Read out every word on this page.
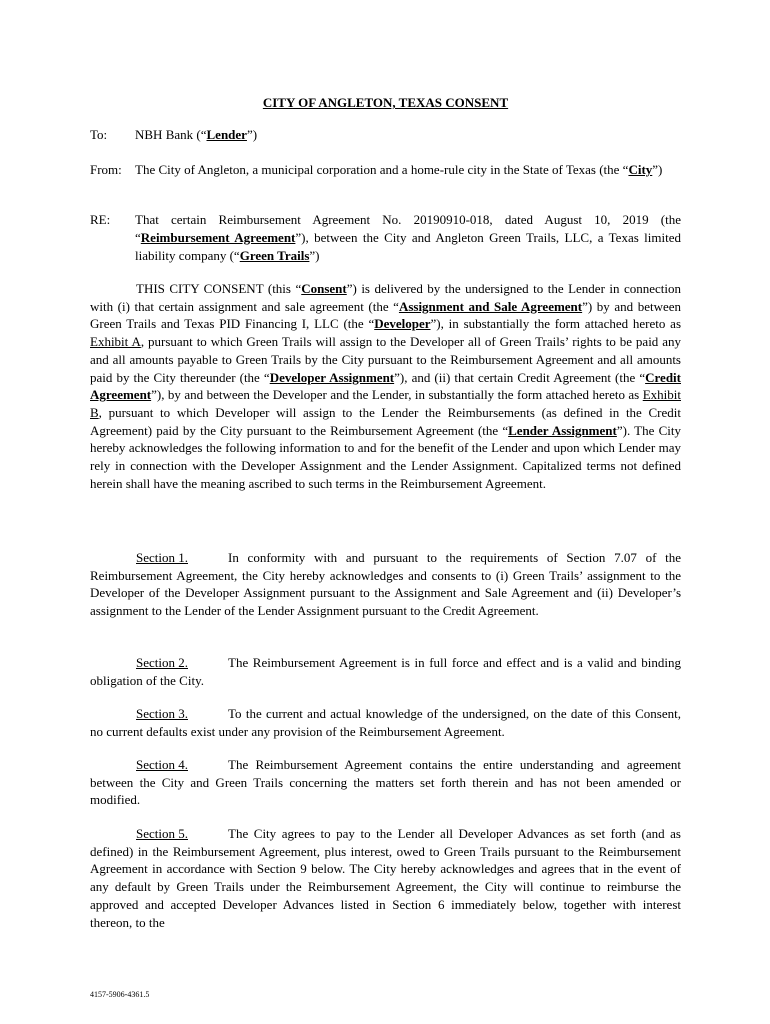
CITY OF ANGLETON, TEXAS CONSENT
To: NBH Bank (“Lender”)
From: The City of Angleton, a municipal corporation and a home-rule city in the State of Texas (the “City”)
RE: That certain Reimbursement Agreement No. 20190910-018, dated August 10, 2019 (the “Reimbursement Agreement”), between the City and Angleton Green Trails, LLC, a Texas limited liability company (“Green Trails”)
THIS CITY CONSENT (this “Consent”) is delivered by the undersigned to the Lender in connection with (i) that certain assignment and sale agreement (the “Assignment and Sale Agreement”) by and between Green Trails and Texas PID Financing I, LLC (the “Developer”), in substantially the form attached hereto as Exhibit A, pursuant to which Green Trails will assign to the Developer all of Green Trails’ rights to be paid any and all amounts payable to Green Trails by the City pursuant to the Reimbursement Agreement and all amounts paid by the City thereunder (the “Developer Assignment”), and (ii) that certain Credit Agreement (the “Credit Agreement”), by and between the Developer and the Lender, in substantially the form attached hereto as Exhibit B, pursuant to which Developer will assign to the Lender the Reimbursements (as defined in the Credit Agreement) paid by the City pursuant to the Reimbursement Agreement (the “Lender Assignment”). The City hereby acknowledges the following information to and for the benefit of the Lender and upon which Lender may rely in connection with the Developer Assignment and the Lender Assignment. Capitalized terms not defined herein shall have the meaning ascribed to such terms in the Reimbursement Agreement.
Section 1.	In conformity with and pursuant to the requirements of Section 7.07 of the Reimbursement Agreement, the City hereby acknowledges and consents to (i) Green Trails’ assignment to the Developer of the Developer Assignment pursuant to the Assignment and Sale Agreement and (ii) Developer’s assignment to the Lender of the Lender Assignment pursuant to the Credit Agreement.
Section 2.	The Reimbursement Agreement is in full force and effect and is a valid and binding obligation of the City.
Section 3.	To the current and actual knowledge of the undersigned, on the date of this Consent, no current defaults exist under any provision of the Reimbursement Agreement.
Section 4.	The Reimbursement Agreement contains the entire understanding and agreement between the City and Green Trails concerning the matters set forth therein and has not been amended or modified.
Section 5.	The City agrees to pay to the Lender all Developer Advances as set forth (and as defined) in the Reimbursement Agreement, plus interest, owed to Green Trails pursuant to the Reimbursement Agreement in accordance with Section 9 below. The City hereby acknowledges and agrees that in the event of any default by Green Trails under the Reimbursement Agreement, the City will continue to reimburse the approved and accepted Developer Advances listed in Section 6 immediately below, together with interest thereon, to the
4157-5906-4361.5
